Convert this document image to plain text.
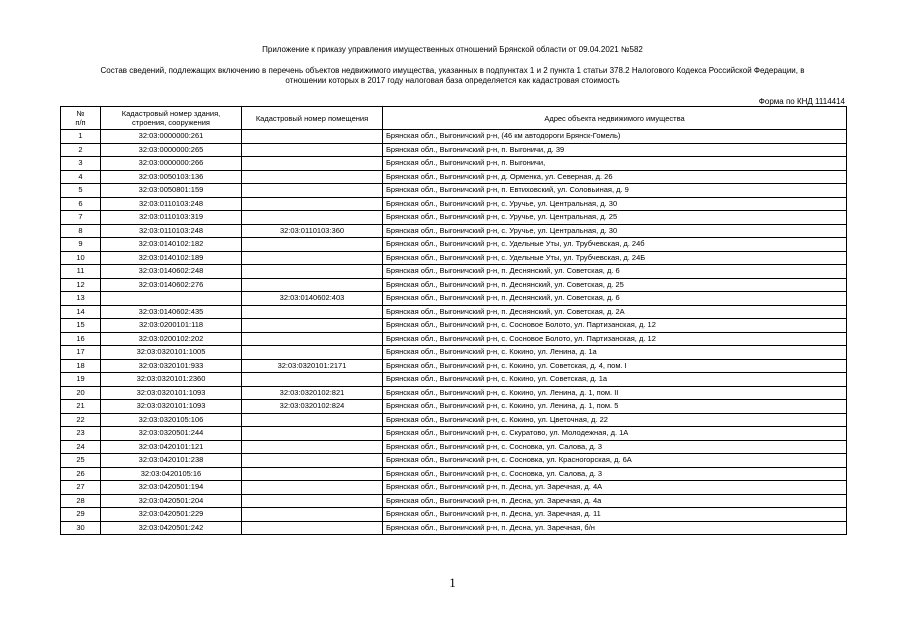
Приложение к приказу управления имущественных отношений Брянской области от 09.04.2021 №582
Состав сведений, подлежащих включению в перечень объектов недвижимого имущества, указанных в подпунктах 1 и 2 пункта 1 статьи 378.2 Налогового Кодекса Российской Федерации, в
отношении которых в 2017 году налоговая база определяется как кадастровая стоимость
Форма по КНД 1114414
№
п/п	Кадастровый номер здания, строения, сооружения	Кадастровый номер помещения	Адрес объекта недвижимого имущества
1	32:03:0000000:261		Брянская обл., Выгоничский р-н, (46 км автодороги Брянск-Гомель)
2	32:03:0000000:265		Брянская обл., Выгоничский р-н, п. Выгоничи, д. 39
3	32:03:0000000:266		Брянская обл., Выгоничский р-н, п. Выгоничи,
4	32:03:0050103:136		Брянская обл., Выгоничский р-н, д. Орменка, ул. Северная, д. 26
5	32:03:0050801:159		Брянская обл., Выгоничский р-н, п. Евтиховский, ул. Соловьиная, д. 9
6	32:03:0110103:248		Брянская обл., Выгоничский р-н, с. Уручье, ул. Центральная, д. 30
7	32:03:0110103:319		Брянская обл., Выгоничский р-н, с. Уручье, ул. Центральная, д. 25
8	32:03:0110103:248	32:03:0110103:360	Брянская обл., Выгоничский р-н, с. Уручье, ул. Центральная, д. 30
9	32:03:0140102:182		Брянская обл., Выгоничский р-н, с. Удельные Уты, ул. Трубчевская, д. 24б
10	32:03:0140102:189		Брянская обл., Выгоничский р-н, с. Удельные Уты, ул. Трубчевская, д. 24Б
11	32:03:0140602:248		Брянская обл., Выгоничский р-н, п. Деснянский, ул. Советская, д. 6
12	32:03:0140602:276		Брянская обл., Выгоничский р-н, п. Деснянский, ул. Советская, д. 25
13		32:03:0140602:403	Брянская обл., Выгоничский р-н, п. Деснянский, ул. Советская, д. 6
14	32:03:0140602:435		Брянская обл., Выгоничский р-н, п. Деснянский, ул. Советская, д. 2А
15	32:03:0200101:118		Брянская обл., Выгоничский р-н, с. Сосновое Болото, ул. Партизанская, д. 12
16	32:03:0200102:202		Брянская обл., Выгоничский р-н, с. Сосновое Болото, ул. Партизанская, д. 12
17	32:03:0320101:1005		Брянская обл., Выгоничский р-н, с. Кокино, ул. Ленина, д. 1а
18	32:03:0320101:933	32:03:0320101:2171	Брянская обл., Выгоничский р-н, с. Кокино, ул. Советская, д. 4, пом. I
19	32:03:0320101:2360		Брянская обл., Выгоничский р-н, с. Кокино, ул. Советская, д. 1а
20	32:03:0320101:1093	32:03:0320102:821	Брянская обл., Выгоничский р-н, с. Кокино, ул. Ленина, д. 1, пом. II
21	32:03:0320101:1093	32:03:0320102:824	Брянская обл., Выгоничский р-н, с. Кокино, ул. Ленина, д. 1, пом. 5
22	32:03:0320105:106		Брянская обл., Выгоничский р-н, с. Кокино, ул. Цветочная, д. 22
23	32:03:0320501:244		Брянская обл., Выгоничский р-н, с. Скуратово, ул. Молодежная, д. 1А
24	32:03:0420101:121		Брянская обл., Выгоничский р-н, с. Сосновка, ул. Салова, д. 3
25	32:03:0420101:238		Брянская обл., Выгоничский р-н, с. Сосновка, ул. Красногорская, д. 6А
26	32:03:0420105:16		Брянская обл., Выгоничский р-н, с. Сосновка, ул. Салова, д. 3
27	32:03:0420501:194		Брянская обл., Выгоничский р-н, п. Десна, ул. Заречная, д. 4А
28	32:03:0420501:204		Брянская обл., Выгоничский р-н, п. Десна, ул. Заречная, д. 4а
29	32:03:0420501:229		Брянская обл., Выгоничский р-н, п. Десна, ул. Заречная, д. 11
30	32:03:0420501:242		Брянская обл., Выгоничский р-н, п. Десна, ул. Заречная, б/н
1
